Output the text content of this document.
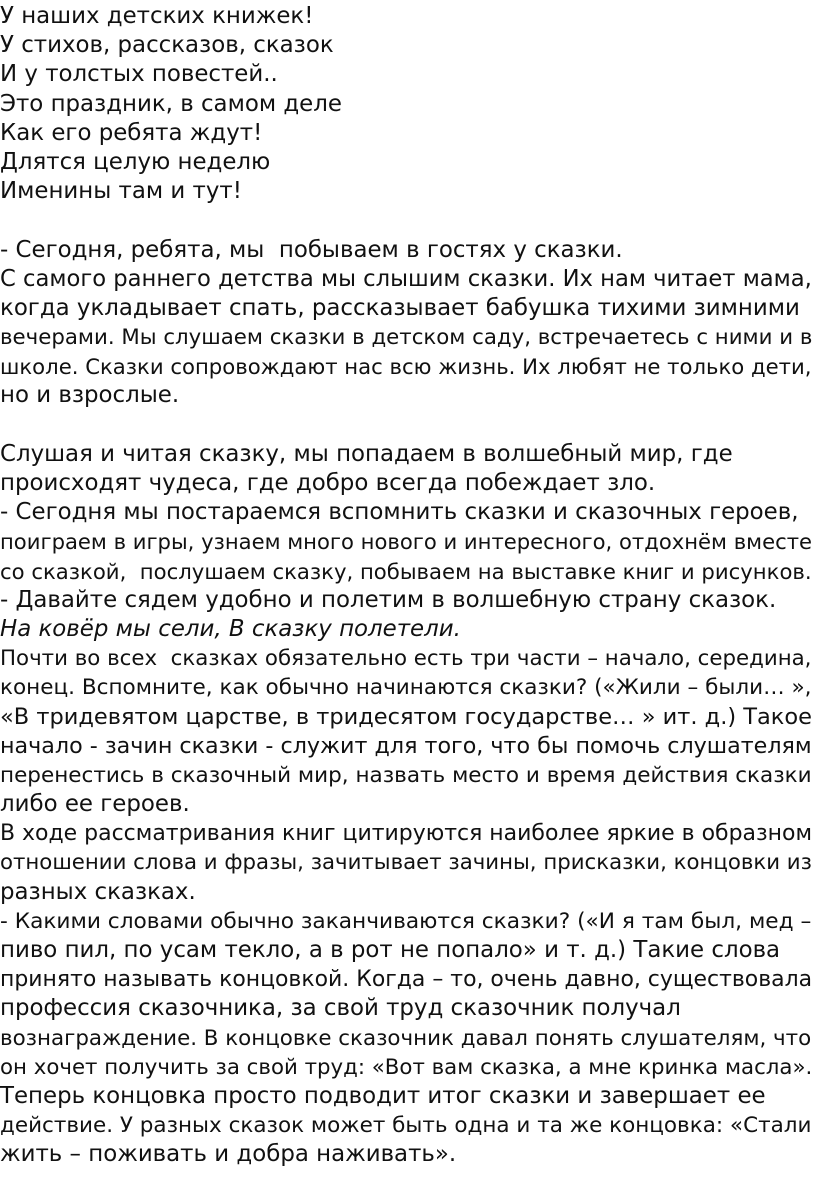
У наших детских книжек!
У стихов, рассказов, сказок
И у толстых повестей..
Это праздник, в самом деле
Как его ребята ждут!
Длятся целую неделю
Именины там и тут!
- Сегодня, ребята, мы  побываем в гостях у сказки.
С самого раннего детства мы слышим сказки. Их нам читает мама,
когда укладывает спать, рассказывает бабушка тихими зимними
вечерами. Мы слушаем сказки в детском саду, встречаетесь с ними и в
школе. Сказки сопровождают нас всю жизнь. Их любят не только дети,
но и взрослые.
Слушая и читая сказку, мы попадаем в волшебный мир, где
происходят чудеса, где добро всегда побеждает зло.
- Сегодня мы постараемся вспомнить сказки и сказочных героев,
поиграем в игры, узнаем много нового и интересного, отдохнём вместе
со сказкой,  послушаем сказку, побываем на выставке книг и рисунков.
- Давайте сядем удобно и полетим в волшебную страну сказок.
На ковёр мы сели, В сказку полетели.
Почти во всех  сказках обязательно есть три части – начало, середина,
конец. Вспомните, как обычно начинаются сказки? («Жили – были… »,
«В тридевятом царстве, в тридесятом государстве… » ит. д.) Такое
начало - зачин сказки - служит для того, что бы помочь слушателям
перенестись в сказочный мир, назвать место и время действия сказки
либо ее героев.
В ходе рассматривания книг цитируются наиболее яркие в образном
отношении слова и фразы, зачитывает зачины, присказки, концовки из
разных сказках.
- Какими словами обычно заканчиваются сказки? («И я там был, мед –
пиво пил, по усам текло, а в рот не попало» и т. д.) Такие слова
принято называть концовкой. Когда – то, очень давно, существовала
профессия сказочника, за свой труд сказочник получал
вознаграждение. В концовке сказочник давал понять слушателям, что
он хочет получить за свой труд: «Вот вам сказка, а мне кринка масла».
Теперь концовка просто подводит итог сказки и завершает ее
действие. У разных сказок может быть одна и та же концовка: «Стали
жить – поживать и добра наживать».
